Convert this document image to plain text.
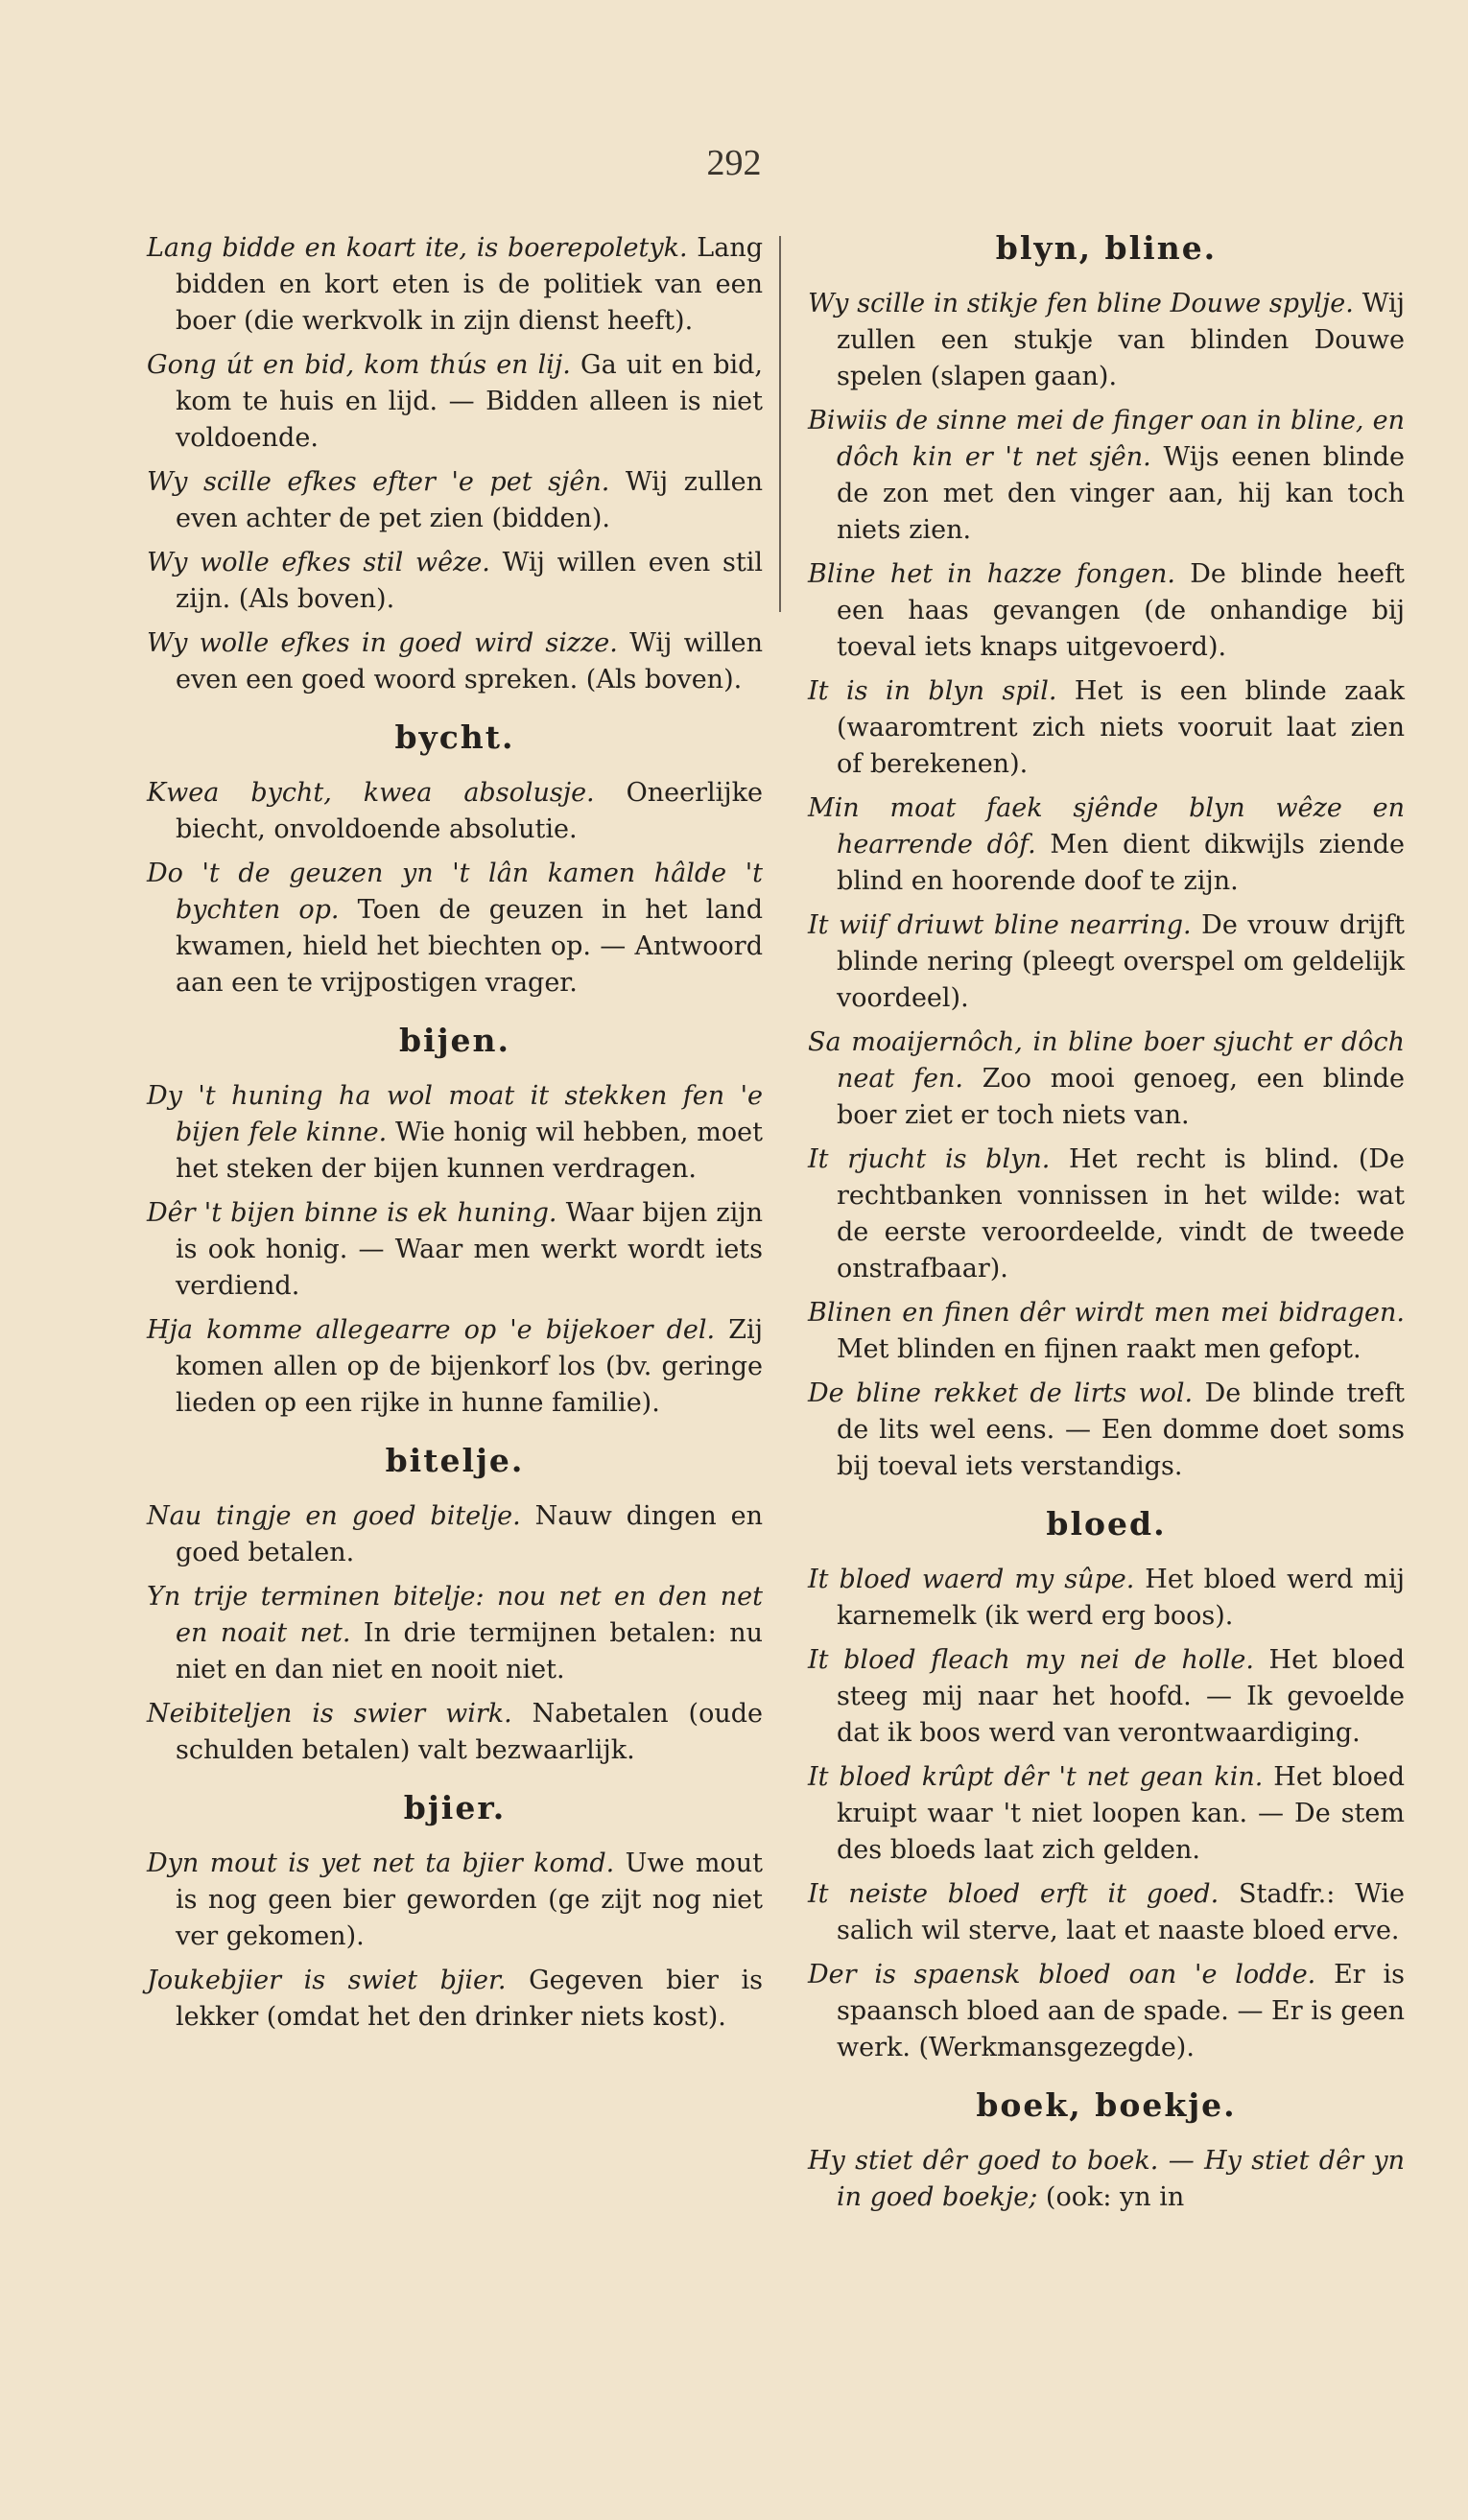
292
Lang bidde en koart ite, is boerepoletyk. Lang bidden en kort eten is de politiek van een boer (die werkvolk in zijn dienst heeft).
Gong út en bid, kom thús en lij. Ga uit en bid, kom te huis en lijd. — Bidden alleen is niet voldoende.
Wy scille efkes efter 'e pet sjên. Wij zullen even achter de pet zien (bidden).
Wy wolle efkes stil wêze. Wij willen even stil zijn. (Als boven).
Wy wolle efkes in goed wird sizze. Wij willen even een goed woord spreken. (Als boven).
bycht.
Kwea bycht, kwea absolusje. Oneerlijke biecht, onvoldoende absolutie.
Do 't de geuzen yn 't lân kamen hâlde 't bychten op. Toen de geuzen in het land kwamen, hield het biechten op. — Antwoord aan een te vrijpostigen vrager.
bijen.
Dy 't huning ha wol moat it stekken fen 'e bijen fele kinne. Wie honig wil hebben, moet het steken der bijen kunnen verdragen.
Dêr 't bijen binne is ek huning. Waar bijen zijn is ook honig. — Waar men werkt wordt iets verdiend.
Hja komme allegearre op 'e bijekoer del. Zij komen allen op de bijenkorf los (bv. geringe lieden op een rijke in hunne familie).
bitelje.
Nau tingje en goed bitelje. Nauw dingen en goed betalen.
Yn trije terminen bitelje: nou net en den net en noait net. In drie termijnen betalen: nu niet en dan niet en nooit niet.
Neibiteljen is swier wirk. Nabetalen (oude schulden betalen) valt bezwaarlijk.
bjier.
Dyn mout is yet net ta bjier komd. Uwe mout is nog geen bier geworden (ge zijt nog niet ver gekomen).
Joukebjier is swiet bjier. Gegeven bier is lekker (omdat het den drinker niets kost).
blyn, bline.
Wy scille in stikje fen bline Douwe spylje. Wij zullen een stukje van blinden Douwe spelen (slapen gaan).
Biwiis de sinne mei de finger oan in bline, en dôch kin er 't net sjên. Wijs eenen blinde de zon met den vinger aan, hij kan toch niets zien.
Bline het in hazze fongen. De blinde heeft een haas gevangen (de onhandige bij toeval iets knaps uitgevoerd).
It is in blyn spil. Het is een blinde zaak (waaromtrent zich niets vooruit laat zien of berekenen).
Min moat faek sjênde blyn wêze en hearrende dôf. Men dient dikwijls ziende blind en hoorende doof te zijn.
It wiif driuwt bline nearring. De vrouw drijft blinde nering (pleegt overspel om geldelijk voordeel).
Sa moaijernôch, in bline boer sjucht er dôch neat fen. Zoo mooi genoeg, een blinde boer ziet er toch niets van.
It rjucht is blyn. Het recht is blind. (De rechtbanken vonnissen in het wilde: wat de eerste veroordeelde, vindt de tweede onstrafbaar).
Blinen en finen dêr wirdt men mei bidragen. Met blinden en fijnen raakt men gefopt.
De bline rekket de lirts wol. De blinde treft de lits wel eens. — Een domme doet soms bij toeval iets verstandigs.
bloed.
It bloed waerd my sûpe. Het bloed werd mij karnemelk (ik werd erg boos).
It bloed fleach my nei de holle. Het bloed steeg mij naar het hoofd. — Ik gevoelde dat ik boos werd van verontwaardiging.
It bloed krûpt dêr 't net gean kin. Het bloed kruipt waar 't niet loopen kan. — De stem des bloeds laat zich gelden.
It neiste bloed erft it goed. Stadfr.: Wie salich wil sterve, laat et naaste bloed erve.
Der is spaensk bloed oan 'e lodde. Er is spaansch bloed aan de spade. — Er is geen werk. (Werkmansgezegde).
boek, boekje.
Hy stiet dêr goed to boek. — Hy stiet dêr yn in goed boekje; (ook: yn in
